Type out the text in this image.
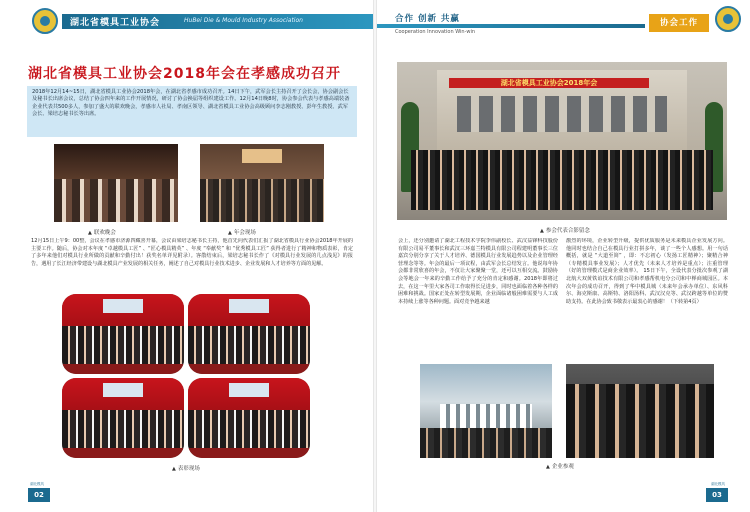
湖北省模具工业协会	HuBei Die & Mould Industry Association	合作 创新 共赢
Cooperation Innovation Win-win
协会工作
湖北省模具工业协会2018年会在孝感成功召开
2018年12月14~15日，湖北省模具工业协会2018年会，在湖北省孝感市成功召开。14日下午，武军会长主持召开了会长会，协会副会长及秘书长出席会议，总结了协会四年来的工作开展情况，研讨了协会换届等组织建设工作。12月14日晚8时，协会参会代表与孝感高端装备企业代表共500多人，参加了盛大的联欢晚会，孝感市人社局、孝南区领导、湖北省模具工业协会高级顾问李志刚教授、彭年生教授、武军会长、梁培志秘书长等出席。
▲ 联欢晚会
▲	年会现场
12月15日上午9：00整，会议在孝感市济源四藏喜开幕，会议由梁培志秘书长主持，他首先向代表们汇报了湖北省模具行业协会2018年开展的主要工作。随后，协会对本年度 “卓越模具工匠” 、“匠心模具精英” 、年度 “奉献奖” 和 “优秀模具工匠” 获得者进行了精神和物质表彰，肯定了多年来他们对模具行业所做的贡献和辛勤付出！获奖名单详见附录）。客散结束后，梁培志秘书长作了《对模具行业发展的几点浅见》的报告，遇用了长江经济带建设与湖北模具产业发展的相关任务，阐述了自己对模具行业技术进步、企业发展和人才培养等方面的见解。
▲ 表彰现场
湖北模具
02
湖北省模具工业协会2018年会
▲ 参会代表合影留念
会上，还分别邀请了湖北工程技术学院李伟副校长、武汉益锋科技股份有限公司易平董事长和武汉三环嘉兰特模具有限公司程建明董事长三位嘉宾分别分享了关于人才培养、德国模具行业发展趋势以及企业管理经营理念等等。年会的最后一项议程，由武军会长总结发言。他说每年协会都非常欣喜的年会，不仅让大家聚聚一堂，还可以互相交流。鼓励协会等地会一年来的辛勤工作给予了充分的肯定和感谢。2018年即将过去，在这一年里大家各司工作取得长足进步，同时也面临着各种各样的困难和挑战。国家正处在转型发展期，企业面临诸般困难需要与人工成本持续上涨等各种问题。面对竞争越来越
激烈的环境，企业转型升级，提供优质服务是未来模具企业发展方向。他同时也结合自己在模具行业打拼多年，谈了一些个人感想。用一句话概括，就是 “大道至简” ，即：不忘初心（发扬工匠精神）；聚精合神（专精模具事业发展）；人才优先（未来人才培养是重点）；注重管理（好的管理模式是商企业效率）。 15日下午，全设代表分批次参观了湖北航大双黄铁谊技术有限公司和孝感帮机电分公司和中榉商城园区。本次年会的成功召开，得到了华中模具城（未来年会承办单位）、东风科尔、海克斯康、高斯特、洛阳汤科、武汉汉克等、武汉跨越等单位的赞助支持。在此协会致书敬表示最衷心的感谢！（下转第4页）
▲ 企业参观
湖北模具
03
